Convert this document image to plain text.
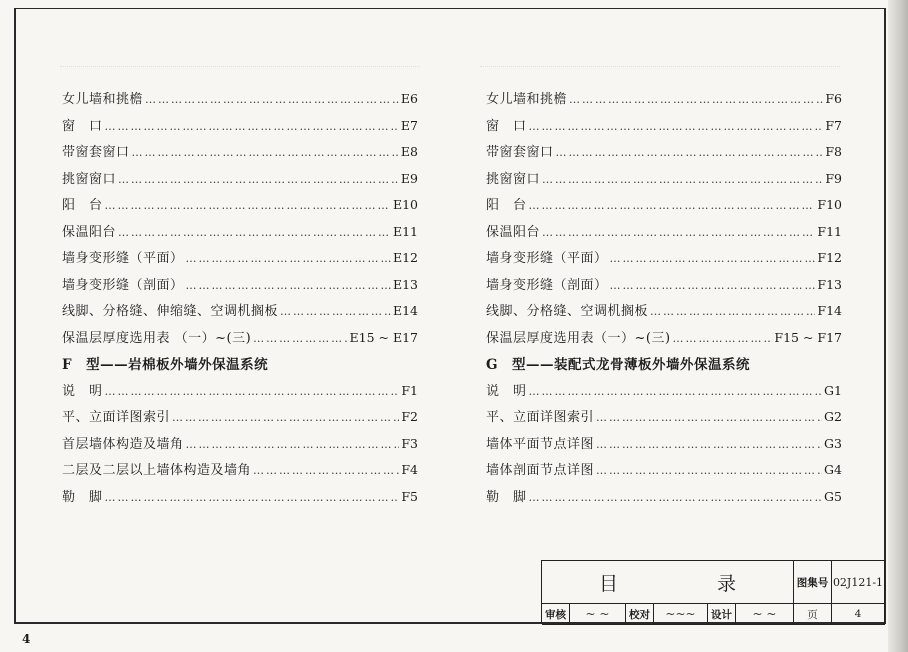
女儿墙和挑檐 ……………………………………………………………………………………………………………………	E6
窗　口 ……………………………………………………………………………………………………………………	E7
带窗套窗口 ……………………………………………………………………………………………………………………	E8
挑窗窗口 ……………………………………………………………………………………………………………………	E9
阳　台 ……………………………………………………………………………………………………………………	E10
保温阳台 ……………………………………………………………………………………………………………………	E11
墙身变形缝（平面） ……………………………………………………………………………………………………………………	E12
墙身变形缝（剖面） ……………………………………………………………………………………………………………………	E13
线脚、分格缝、伸缩缝、空调机搁板 ……………………………………………………………………………………………………………………	E14
保温层厚度选用表 （一）~(三) ……………………………………………………………………………………………………………………	E15 ~ E17
F　型——岩棉板外墙外保温系统
说　明 ……………………………………………………………………………………………………………………	F1
平、立面详图索引 ……………………………………………………………………………………………………………………	F2
首层墙体构造及墙角 ……………………………………………………………………………………………………………………	F3
二层及二层以上墙体构造及墙角 ……………………………………………………………………………………………………………………	F4
勒　脚 ……………………………………………………………………………………………………………………	F5
女儿墙和挑檐 ……………………………………………………………………………………………………………………	F6
窗　口 ……………………………………………………………………………………………………………………	F7
带窗套窗口 ……………………………………………………………………………………………………………………	F8
挑窗窗口 ……………………………………………………………………………………………………………………	F9
阳　台 ……………………………………………………………………………………………………………………	F10
保温阳台 ……………………………………………………………………………………………………………………	F11
墙身变形缝（平面） ……………………………………………………………………………………………………………………	F12
墙身变形缝（剖面） ……………………………………………………………………………………………………………………	F13
线脚、分格缝、空调机搁板 ……………………………………………………………………………………………………………………	F14
保温层厚度选用表（一）~(三) ……………………………………………………………………………………………………………………	F15 ~ F17
G　型——装配式龙骨薄板外墙外保温系统
说　明 ……………………………………………………………………………………………………………………	G1
平、立面详图索引 ……………………………………………………………………………………………………………………	G2
墙体平面节点详图 ……………………………………………………………………………………………………………………	G3
墙体剖面节点详图 ……………………………………………………………………………………………………………………	G4
勒　脚 ……………………………………………………………………………………………………………………	G5
目　录	图集号 02J121-1
审核	~ ~ 校对	~~~ 设计	~ ~	页	4
4
